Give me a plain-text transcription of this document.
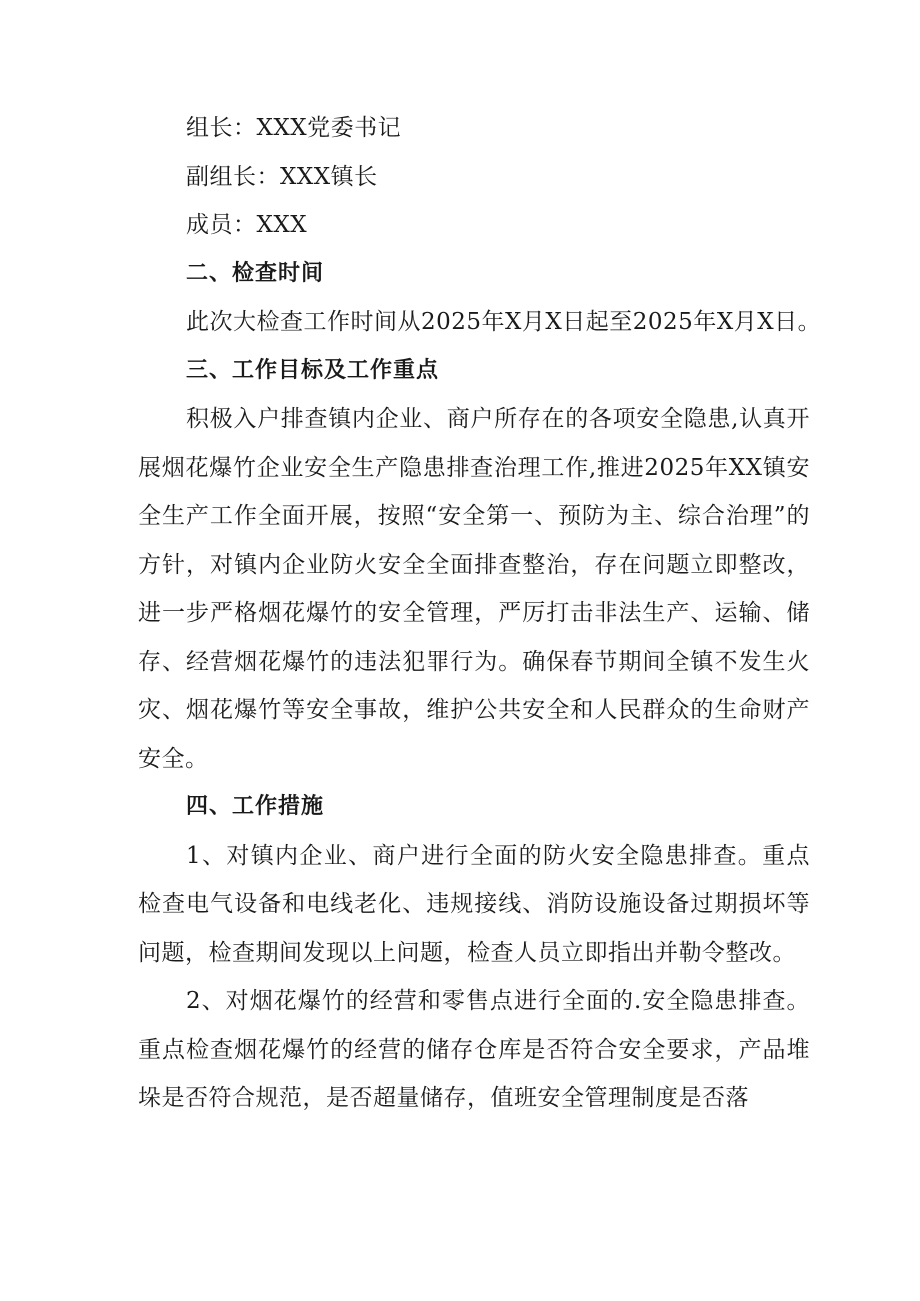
组长：XXX党委书记
副组长：XXX镇长
成员：XXX
二、检查时间
此次大检查工作时间从2025年X月X日起至2025年X月X日。
三、工作目标及工作重点

积极入户排查镇内企业、商户所存在的各项安全隐患,认真开展烟花爆竹企业安全生产隐患排查治理工作,推进2025年XX镇安全生产工作全面开展，按照“安全第一、预防为主、综合治理”的方针，对镇内企业防火安全全面排查整治，存在问题立即整改，进一步严格烟花爆竹的安全管理，严厉打击非法生产、运输、储存、经营烟花爆竹的违法犯罪行为。确保春节期间全镇不发生火灾、烟花爆竹等安全事故，维护公共安全和人民群众的生命财产安全。

四、工作措施

1、对镇内企业、商户进行全面的防火安全隐患排查。重点检查电气设备和电线老化、违规接线、消防设施设备过期损坏等问题，检查期间发现以上问题，检查人员立即指出并勒令整改。

2、对烟花爆竹的经营和零售点进行全面的.安全隐患排查。重点检查烟花爆竹的经营的储存仓库是否符合安全要求，产品堆垛是否符合规范，是否超量储存，值班安全管理制度是否落
